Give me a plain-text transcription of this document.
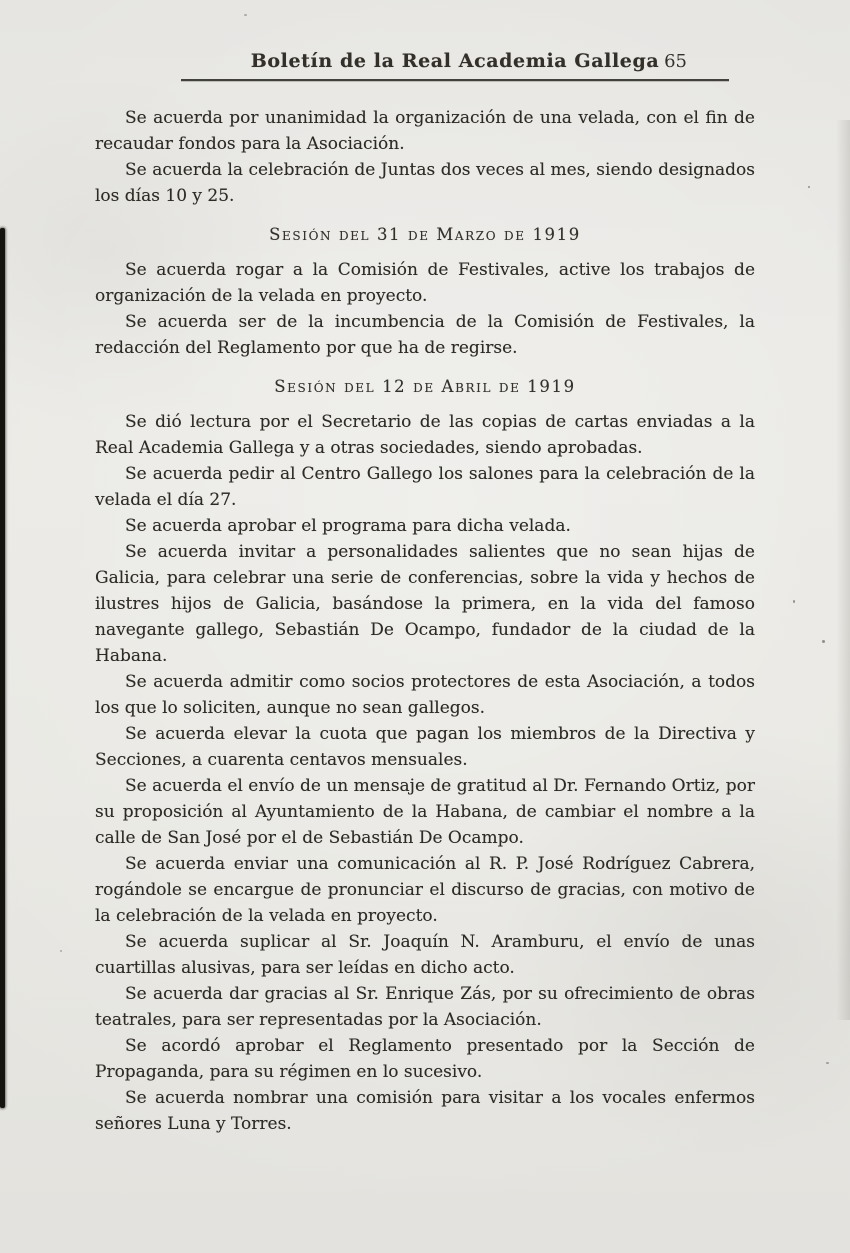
Boletín de la Real Academia Gallega 65

Se acuerda por unanimidad la organización de una velada, con el fin de recaudar fondos para la Asociación.

Se acuerda la celebración de Juntas dos veces al mes, siendo designados los días 10 y 25.

Sesión del 31 de Marzo de 1919

Se acuerda rogar a la Comisión de Festivales, active los trabajos de organización de la velada en proyecto.

Se acuerda ser de la incumbencia de la Comisión de Festivales, la redacción del Reglamento por que ha de regirse.

Sesión del 12 de Abril de 1919

Se dió lectura por el Secretario de las copias de cartas enviadas a la Real Academia Gallega y a otras sociedades, siendo aprobadas.

Se acuerda pedir al Centro Gallego los salones para la celebración de la velada el día 27.

Se acuerda aprobar el programa para dicha velada.

Se acuerda invitar a personalidades salientes que no sean hijas de Galicia, para celebrar una serie de conferencias, sobre la vida y hechos de ilustres hijos de Galicia, basándose la primera, en la vida del famoso navegante gallego, Sebastián De Ocampo, fundador de la ciudad de la Habana.

Se acuerda admitir como socios protectores de esta Asociación, a todos los que lo soliciten, aunque no sean gallegos.

Se acuerda elevar la cuota que pagan los miembros de la Directiva y Secciones, a cuarenta centavos mensuales.

Se acuerda el envío de un mensaje de gratitud al Dr. Fernando Ortiz, por su proposición al Ayuntamiento de la Habana, de cambiar el nombre a la calle de San José por el de Sebastián De Ocampo.

Se acuerda enviar una comunicación al R. P. José Rodríguez Cabrera, rogándole se encargue de pronunciar el discurso de gracias, con motivo de la celebración de la velada en proyecto.

Se acuerda suplicar al Sr. Joaquín N. Aramburu, el envío de unas cuartillas alusivas, para ser leídas en dicho acto.

Se acuerda dar gracias al Sr. Enrique Zás, por su ofrecimiento de obras teatrales, para ser representadas por la Asociación.

Se acordó aprobar el Reglamento presentado por la Sección de Propaganda, para su régimen en lo sucesivo.

Se acuerda nombrar una comisión para visitar a los vocales enfermos señores Luna y Torres.
